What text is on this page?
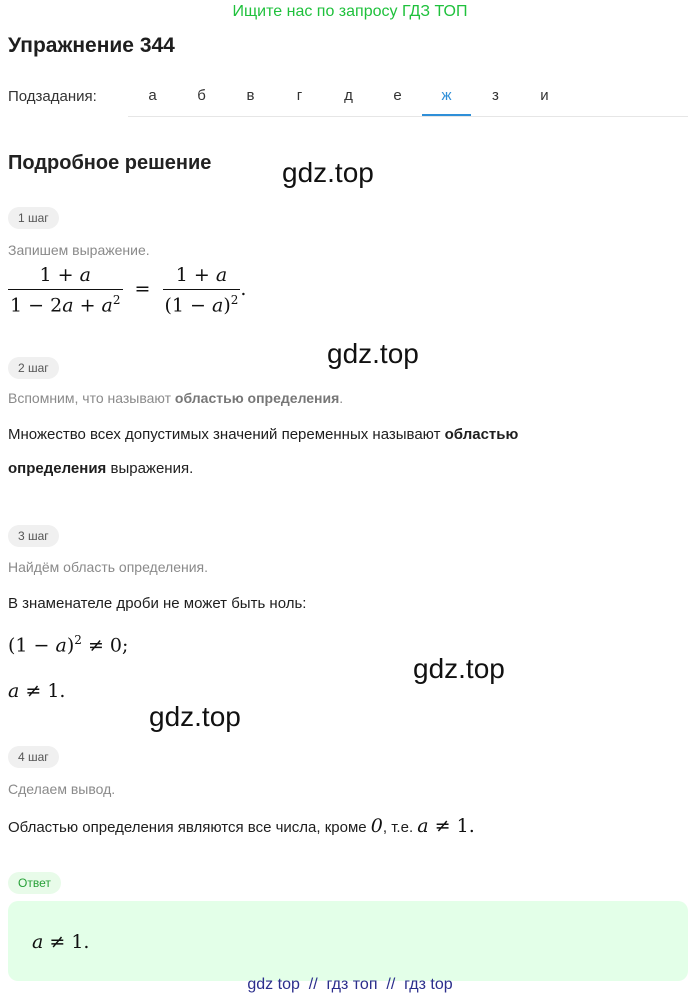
Ищите нас по запросу ГДЗ ТОП
Упражнение 344
Подзадания:	а	б	в	г	д	е	ж	з	и
Подробное решение	gdz.top
gdz.top
gdz.top
gdz.top
1 шаг
Запишем выражение.
$\frac{1 + a}{1 - 2a + a^2} = \frac{1 + a}{(1 - a)^2}$ .
2 шаг
Вспомним, что называют областью определения.
Множество всех допустимых значений переменных называют областью
определения выражения.
3 шаг
Найдём область определения.
В знаменателе дроби не может быть ноль:
$(1 - a)^2 \ne 0$;
a ≠ 1.
4 шаг
Сделаем вывод.
Областью определения являются все числа, кроме 0, т.е. a ≠ 1.
Ответ
a ≠ 1.
gdz top  //  гдз топ  //  гдз top
